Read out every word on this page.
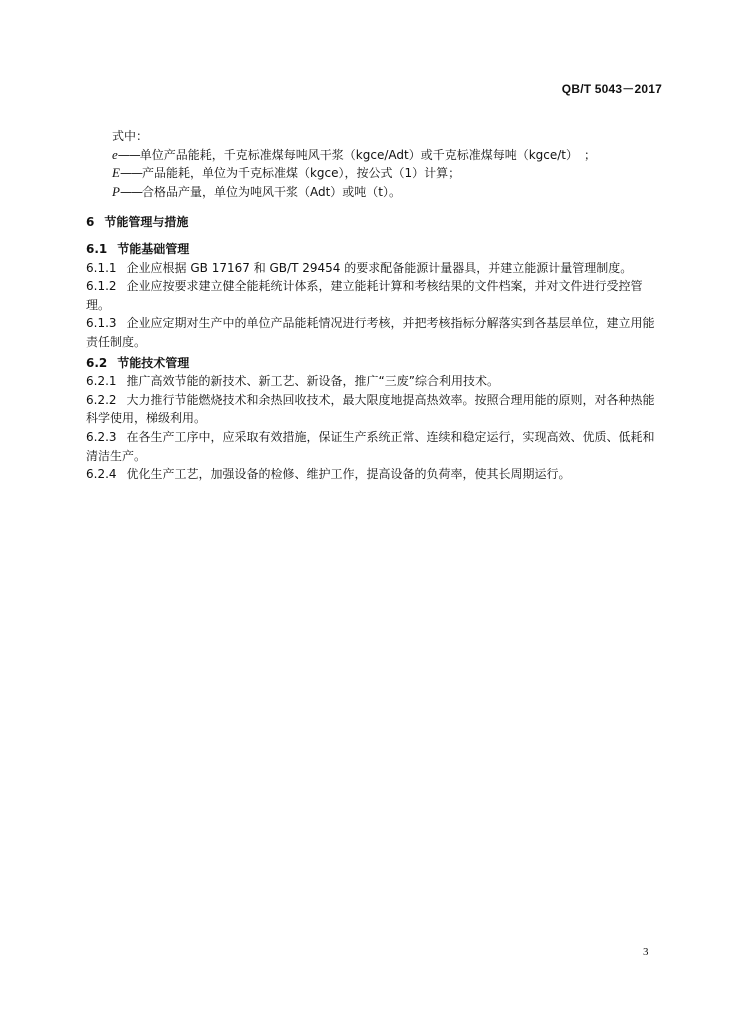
QB/T 5043－2017
式中：
e——单位产品能耗，千克标准煤每吨风干浆（kgce/Adt）或千克标准煤每吨（kgce/t）　；
E——产品能耗，单位为千克标准煤（kgce），按公式（1）计算；
P——合格品产量，单位为吨风干浆（Adt）或吨（t）。
6 节能管理与措施
6.1 节能基础管理
6.1.1 企业应根据 GB 17167 和 GB/T 29454 的要求配备能源计量器具，并建立能源计量管理制度。
6.1.2 企业应按要求建立健全能耗统计体系，建立能耗计算和考核结果的文件档案，并对文件进行受控管理。
6.1.3 企业应定期对生产中的单位产品能耗情况进行考核，并把考核指标分解落实到各基层单位，建立用能责任制度。
6.2 节能技术管理
6.2.1 推广高效节能的新技术、新工艺、新设备，推广“三废”综合利用技术。
6.2.2 大力推行节能燃烧技术和余热回收技术，最大限度地提高热效率。按照合理用能的原则，对各种热能科学使用，梯级利用。
6.2.3 在各生产工序中，应采取有效措施，保证生产系统正常、连续和稳定运行，实现高效、优质、低耗和清洁生产。
6.2.4 优化生产工艺，加强设备的检修、维护工作，提高设备的负荷率，使其长周期运行。
3
